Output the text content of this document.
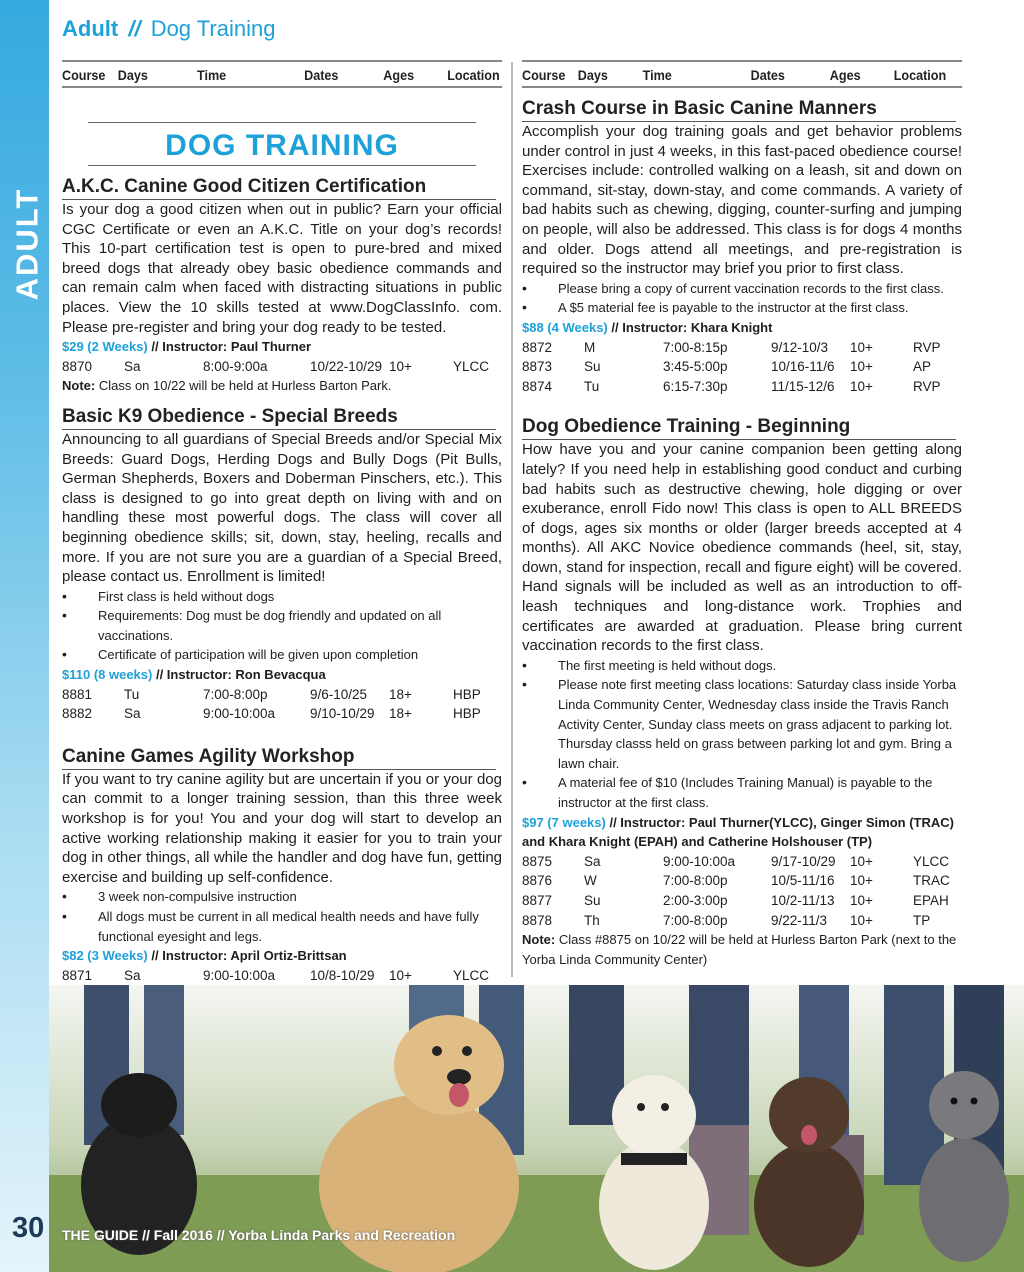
ADULT
30
Adult // Dog Training
Course Days	Time	Dates	Ages	Location
DOG TRAINING
A.K.C. Canine Good Citizen Certification

Is your dog a good citizen when out in public? Earn your official CGC Certificate or even an A.K.C. Title on your dog’s records! This 10-part certification test is open to pure-bred and mixed breed dogs that already obey basic obedience commands and can remain calm when faced with distracting situations in public places. View the 10 skills tested at www.DogClassInfo. com. Please pre-register and bring your dog ready to be tested.

$29 (2 Weeks) // Instructor: Paul Thurner
8870	Sa	8:00-9:00a	10/22-10/29 10+	YLCC
Note: Class on 10/22 will be held at Hurless Barton Park.
Basic K9 Obedience - Special Breeds

Announcing to all guardians of Special Breeds and/or Special Mix Breeds: Guard Dogs, Herding Dogs and Bully Dogs (Pit Bulls, German Shepherds, Boxers and Doberman Pinschers, etc.). This class is designed to go into great depth on living with and on handling these most powerful dogs. The class will cover all beginning obedience skills; sit, down, stay, heeling, recalls and more. If you are not sure you are a guardian of a Special Breed, please contact us. Enrollment is limited!

• First class is held without dogs
• Requirements: Dog must be dog friendly and updated on all vaccinations.
• Certificate of participation will be given upon completion
$110 (8 weeks) // Instructor: Ron Bevacqua
8881	Tu	7:00-8:00p	9/6-10/25	18+	HBP
8882	Sa	9:00-10:00a	9/10-10/29	18+	HBP
Canine Games Agility Workshop

If you want to try canine agility but are uncertain if you or your dog can commit to a longer training session, than this three week workshop is for you! You and your dog will start to develop an active working relationship making it easier for you to train your dog in other things, all while the handler and dog have fun, getting exercise and building up self-confidence.

• 3 week non-compulsive instruction
• All dogs must be current in all medical health needs and have fully functional eyesight and legs.
$82 (3 Weeks) // Instructor: April Ortiz-Brittsan
8871	Sa	9:00-10:00a	10/8-10/29	10+	YLCC
Course Days	Time	Dates	Ages	Location
Crash Course in Basic Canine Manners

Accomplish your dog training goals and get behavior problems under control in just 4 weeks, in this fast-paced obedience course! Exercises include: controlled walking on a leash, sit and down on command, sit-stay, down-stay, and come commands. A variety of bad habits such as chewing, digging, counter-surfing and jumping on people, will also be addressed. This class is for dogs 4 months and older. Dogs attend all meetings, and pre-registration is required so the instructor may brief you prior to first class.

• Please bring a copy of current vaccination records to the first class.
• A $5 material fee is payable to the instructor at the first class.
$88 (4 Weeks) // Instructor: Khara Knight
8872	M	7:00-8:15p	9/12-10/3	10+	RVP
8873	Su	3:45-5:00p	10/16-11/6	10+	AP
8874	Tu	6:15-7:30p	11/15-12/6	10+	RVP
Dog Obedience Training - Beginning

How have you and your canine companion been getting along lately? If you need help in establishing good conduct and curbing bad habits such as destructive chewing, hole digging or over exuberance, enroll Fido now! This class is open to ALL BREEDS of dogs, ages six months or older (larger breeds accepted at 4 months). All AKC Novice obedience commands (heel, sit, stay, down, stand for inspection, recall and figure eight) will be covered. Hand signals will be included as well as an introduction to off-leash techniques and long-distance work. Trophies and certificates are awarded at graduation. Please bring current vaccination records to the first class.

• The first meeting is held without dogs.
• Please note first meeting class locations: Saturday class inside Yorba Linda Community Center, Wednesday class inside the Travis Ranch Activity Center, Sunday class meets on grass adjacent to parking lot. Thursday classs held on grass between parking lot and gym. Bring a lawn chair.
• A material fee of $10 (Includes Training Manual) is payable to the instructor at the first class.
$97 (7 weeks) // Instructor: Paul Thurner(YLCC), Ginger Simon (TRAC) and Khara Knight (EPAH) and Catherine Holshouser (TP)
8875	Sa	9:00-10:00a	9/17-10/29	10+	YLCC
8876	W	7:00-8:00p	10/5-11/16	10+	TRAC
8877	Su	2:00-3:00p	10/2-11/13	10+	EPAH
8878	Th	7:00-8:00p	9/22-11/3	10+	TP
Note: Class #8875 on 10/22 will be held at Hurless Barton Park (next to the Yorba Linda Community Center)
THE GUIDE // Fall 2016 // Yorba Linda Parks and Recreation
